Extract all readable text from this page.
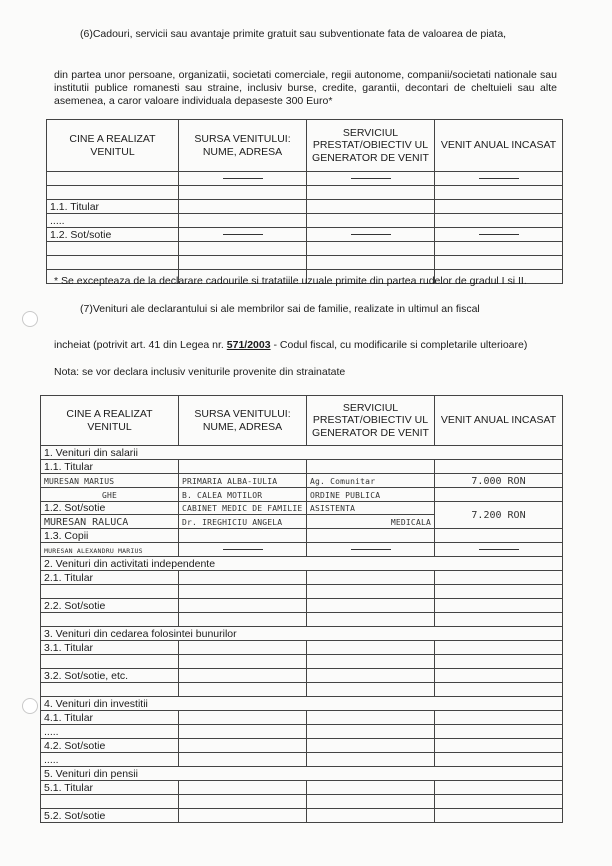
(6)Cadouri, servicii sau avantaje primite gratuit sau subventionate fata de valoarea de piata,
din partea unor persoane, organizatii, societati comerciale, regii autonome, companii/societati nationale sau institutii publice romanesti sau straine, inclusiv burse, credite, garantii, decontari de cheltuieli sau alte asemenea, a caror valoare individuala depaseste 300 Euro*
CINE A REALIZAT VENITUL	SURSA VENITULUI: NUME, ADRESA	SERVICIUL PRESTAT/OBIECTIV UL GENERATOR DE VENIT	VENIT ANUAL INCASAT

1.1. Titular			
.....			
1.2. Sot/sotie			

* Se excepteaza de la declarare cadourile si tratatiile uzuale primite din partea rudelor de gradul I si II.
(7)Venituri ale declarantului si ale membrilor sai de familie, realizate in ultimul an fiscal
incheiat (potrivit art. 41 din Legea nr. 571/2003 - Codul fiscal, cu modificarile si completarile ulterioare)
Nota: se vor declara inclusiv veniturile provenite din strainatate
CINE A REALIZAT VENITUL	SURSA VENITULUI: NUME, ADRESA	SERVICIUL PRESTAT/OBIECTIV UL GENERATOR DE VENIT	VENIT ANUAL INCASAT
1. Venituri din salarii			
1.1. Titular			
MURESAN MARIUS	PRIMARIA ALBA-IULIA	Ag. Comunitar	7.000 RON
GHE	B. CALEA MOTILOR	ORDINE PUBLICA	
1.2. Sot/sotie	CABINET MEDIC DE FAMILIE	ASISTENTA	7.200 RON
MURESAN RALUCA	Dr. IREGHICIU ANGELA	MEDICALA	
1.3. Copii			
MURESAN ALEXANDRU MARIUS			
2. Venituri din activitati independente			
2.1. Titular			

2.2. Sot/sotie			

3. Venituri din cedarea folosintei bunurilor			
3.1. Titular			

3.2. Sot/sotie, etc.			

4. Venituri din investitii			
4.1. Titular			
.....			
4.2. Sot/sotie			
.....			
5. Venituri din pensii			
5.1. Titular			

5.2. Sot/sotie			
